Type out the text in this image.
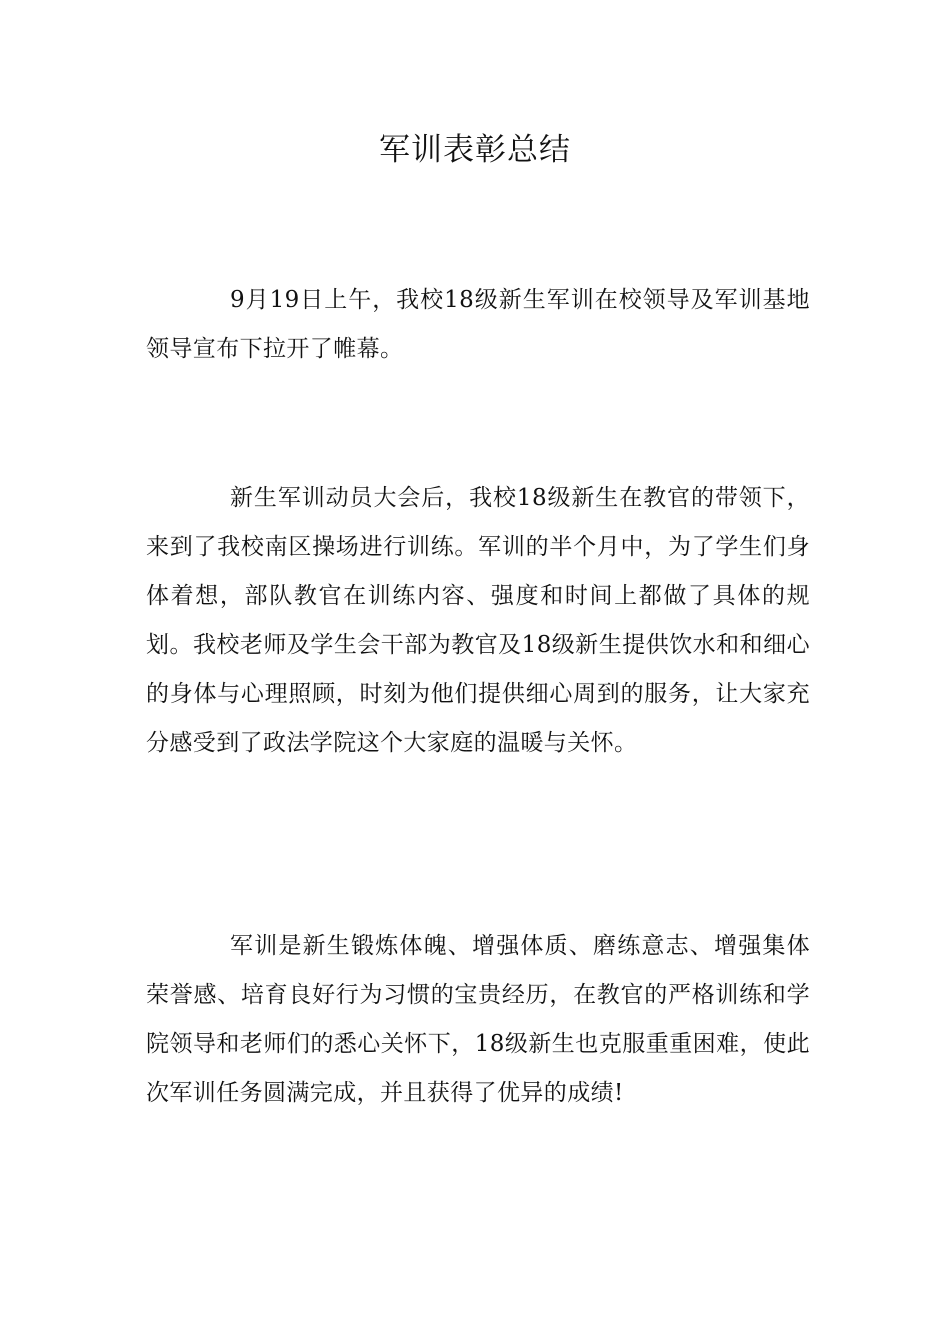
军训表彰总结

9月19日上午，我校18级新生军训在校领导及军训基地领导宣布下拉开了帷幕。

新生军训动员大会后，我校18级新生在教官的带领下，来到了我校南区操场进行训练。军训的半个月中，为了学生们身体着想，部队教官在训练内容、强度和时间上都做了具体的规划。我校老师及学生会干部为教官及18级新生提供饮水和和细心的身体与心理照顾，时刻为他们提供细心周到的服务，让大家充分感受到了政法学院这个大家庭的温暖与关怀。

军训是新生锻炼体魄、增强体质、磨练意志、增强集体荣誉感、培育良好行为习惯的宝贵经历，在教官的严格训练和学院领导和老师们的悉心关怀下，18级新生也克服重重困难，使此次军训任务圆满完成，并且获得了优异的成绩!
